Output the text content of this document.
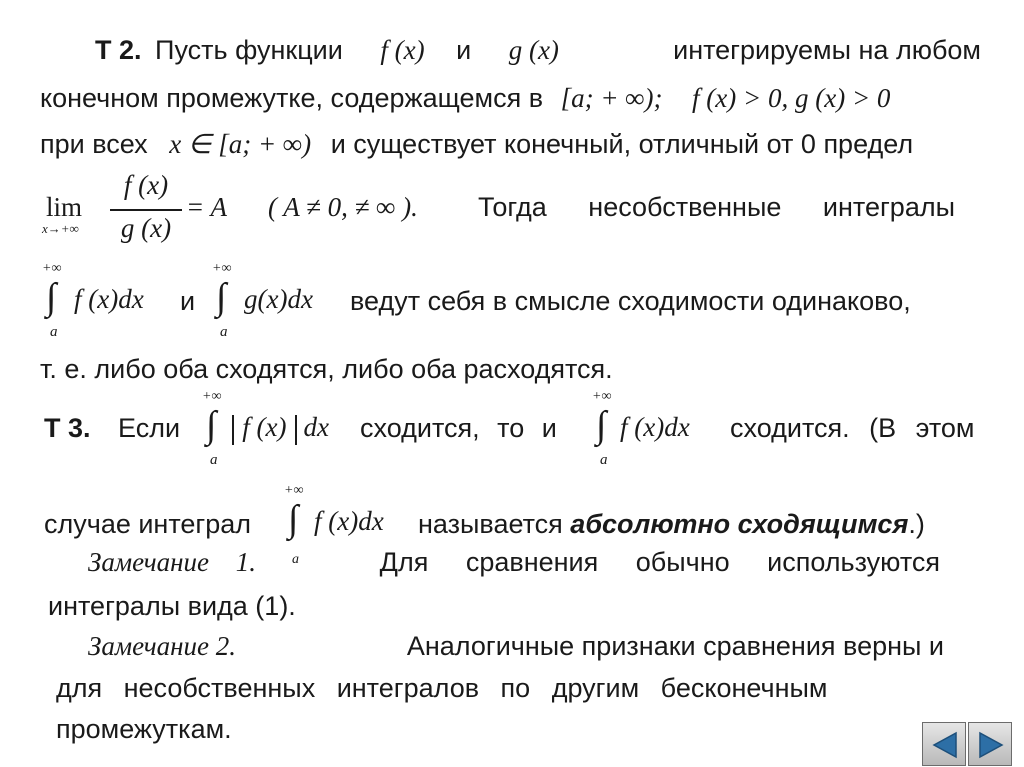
Т 2. Пусть функции f (x) и g (x)	интегрируемы на любом
конечном промежутке, содержащемся в [a; + ∞); f (x) > 0, g (x) > 0
при всех x ∈ [a; + ∞) и существует конечный, отличный от 0 предел
lim
x→+∞
f (x)
g (x)
= A ( A ≠ 0, ≠ ∞ ). Тогда несобственные интегралы
+∞
∫
a
f (x)dx и
+∞
∫
a
g(x)dx ведут себя в смысле сходимости одинаково,
т. е. либо оба сходятся, либо оба расходятся.
Т 3. Если
+∞
∫
a
f (x) dx сходится, то и
+∞
∫
a
f (x)dx сходится. (В этом
случае интеграл
+∞
∫ f (x)dx называется абсолютно сходящимся.)
Замечание 1.	a	Для сравнения обычно используются
интегралы вида (1).
Замечание 2.	Аналогичные признаки сравнения верны и
для несобственных интегралов по другим бесконечным
промежуткам.
